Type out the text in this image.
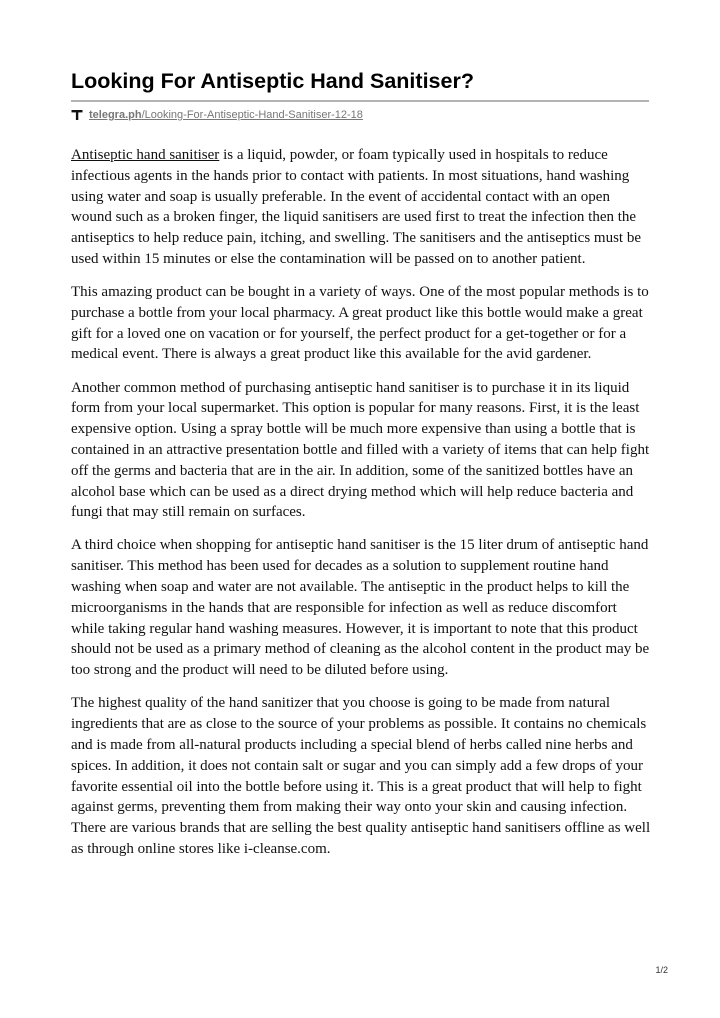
Looking For Antiseptic Hand Sanitiser?
telegra.ph/Looking-For-Antiseptic-Hand-Sanitiser-12-18

Antiseptic hand sanitiser is a liquid, powder, or foam typically used in hospitals to reduce infectious agents in the hands prior to contact with patients. In most situations, hand washing using water and soap is usually preferable. In the event of accidental contact with an open wound such as a broken finger, the liquid sanitisers are used first to treat the infection then the antiseptics to help reduce pain, itching, and swelling. The sanitisers and the antiseptics must be used within 15 minutes or else the contamination will be passed on to another patient.

This amazing product can be bought in a variety of ways. One of the most popular methods is to purchase a bottle from your local pharmacy. A great product like this bottle would make a great gift for a loved one on vacation or for yourself, the perfect product for a get-together or for a medical event. There is always a great product like this available for the avid gardener.

Another common method of purchasing antiseptic hand sanitiser is to purchase it in its liquid form from your local supermarket. This option is popular for many reasons. First, it is the least expensive option. Using a spray bottle will be much more expensive than using a bottle that is contained in an attractive presentation bottle and filled with a variety of items that can help fight off the germs and bacteria that are in the air. In addition, some of the sanitized bottles have an alcohol base which can be used as a direct drying method which will help reduce bacteria and fungi that may still remain on surfaces.

A third choice when shopping for antiseptic hand sanitiser is the 15 liter drum of antiseptic hand sanitiser. This method has been used for decades as a solution to supplement routine hand washing when soap and water are not available. The antiseptic in the product helps to kill the microorganisms in the hands that are responsible for infection as well as reduce discomfort while taking regular hand washing measures. However, it is important to note that this product should not be used as a primary method of cleaning as the alcohol content in the product may be too strong and the product will need to be diluted before using.

The highest quality of the hand sanitizer that you choose is going to be made from natural ingredients that are as close to the source of your problems as possible. It contains no chemicals and is made from all-natural products including a special blend of herbs called nine herbs and spices. In addition, it does not contain salt or sugar and you can simply add a few drops of your favorite essential oil into the bottle before using it. This is a great product that will help to fight against germs, preventing them from making their way onto your skin and causing infection. There are various brands that are selling the best quality antiseptic hand sanitisers offline as well as through online stores like i-cleanse.com.

1/2
